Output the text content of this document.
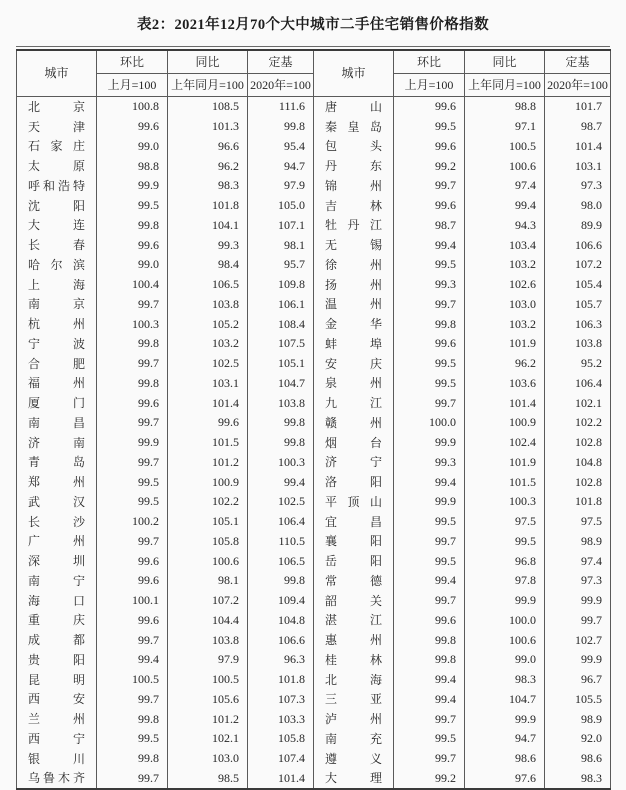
表2：2021年12月70个大中城市二手住宅销售价格指数
城市	环比	同比	定基	城市	环比	同比	定基
	上月=100	上年同月=100	2020年=100		上月=100	上年同月=100	2020年=100

北 京	100.8	108.5	111.6	唐 山	99.6	98.8	101.7

天 津	99.6	101.3	99.8	秦 皇 岛	99.5	97.1	98.7

石 家 庄	99.0	96.6	95.4	包 头	99.6	100.5	101.4

太 原	98.8	96.2	94.7	丹 东	99.2	100.6	103.1

呼 和 浩 特	99.9	98.3	97.9	锦 州	99.7	97.4	97.3

沈 阳	99.5	101.8	105.0	吉 林	99.6	99.4	98.0

大 连	99.8	104.1	107.1	牡 丹 江	98.7	94.3	89.9

长 春	99.6	99.3	98.1	无 锡	99.4	103.4	106.6

哈 尔 滨	99.0	98.4	95.7	徐 州	99.5	103.2	107.2

上 海	100.4	106.5	109.8	扬 州	99.3	102.6	105.4

南 京	99.7	103.8	106.1	温 州	99.7	103.0	105.7

杭 州	100.3	105.2	108.4	金 华	99.8	103.2	106.3

宁 波	99.8	103.2	107.5	蚌 埠	99.6	101.9	103.8

合 肥	99.7	102.5	105.1	安 庆	99.5	96.2	95.2

福 州	99.8	103.1	104.7	泉 州	99.5	103.6	106.4

厦 门	99.6	101.4	103.8	九 江	99.7	101.4	102.1

南 昌	99.7	99.6	99.8	赣 州	100.0	100.9	102.2

济 南	99.9	101.5	99.8	烟 台	99.9	102.4	102.8

青 岛	99.7	101.2	100.3	济 宁	99.3	101.9	104.8

郑 州	99.5	100.9	99.4	洛 阳	99.4	101.5	102.8

武 汉	99.5	102.2	102.5	平 顶 山	99.9	100.3	101.8

长 沙	100.2	105.1	106.4	宜 昌	99.5	97.5	97.5

广 州	99.7	105.8	110.5	襄 阳	99.7	99.5	98.9

深 圳	99.6	100.6	106.5	岳 阳	99.5	96.8	97.4

南 宁	99.6	98.1	99.8	常 德	99.4	97.8	97.3

海 口	100.1	107.2	109.4	韶 关	99.7	99.9	99.9

重 庆	99.6	104.4	104.8	湛 江	99.6	100.0	99.7

成 都	99.7	103.8	106.6	惠 州	99.8	100.6	102.7

贵 阳	99.4	97.9	96.3	桂 林	99.8	99.0	99.9

昆 明	100.5	100.5	101.8	北 海	99.4	98.3	96.7

西 安	99.7	105.6	107.3	三 亚	99.4	104.7	105.5

兰 州	99.8	101.2	103.3	泸 州	99.7	99.9	98.9

西 宁	99.5	102.1	105.8	南 充	99.5	94.7	92.0

银 川	99.8	103.0	107.4	遵 义	99.7	98.6	98.6

乌 鲁 木 齐	99.7	98.5	101.4	大 理	99.2	97.6	98.3
